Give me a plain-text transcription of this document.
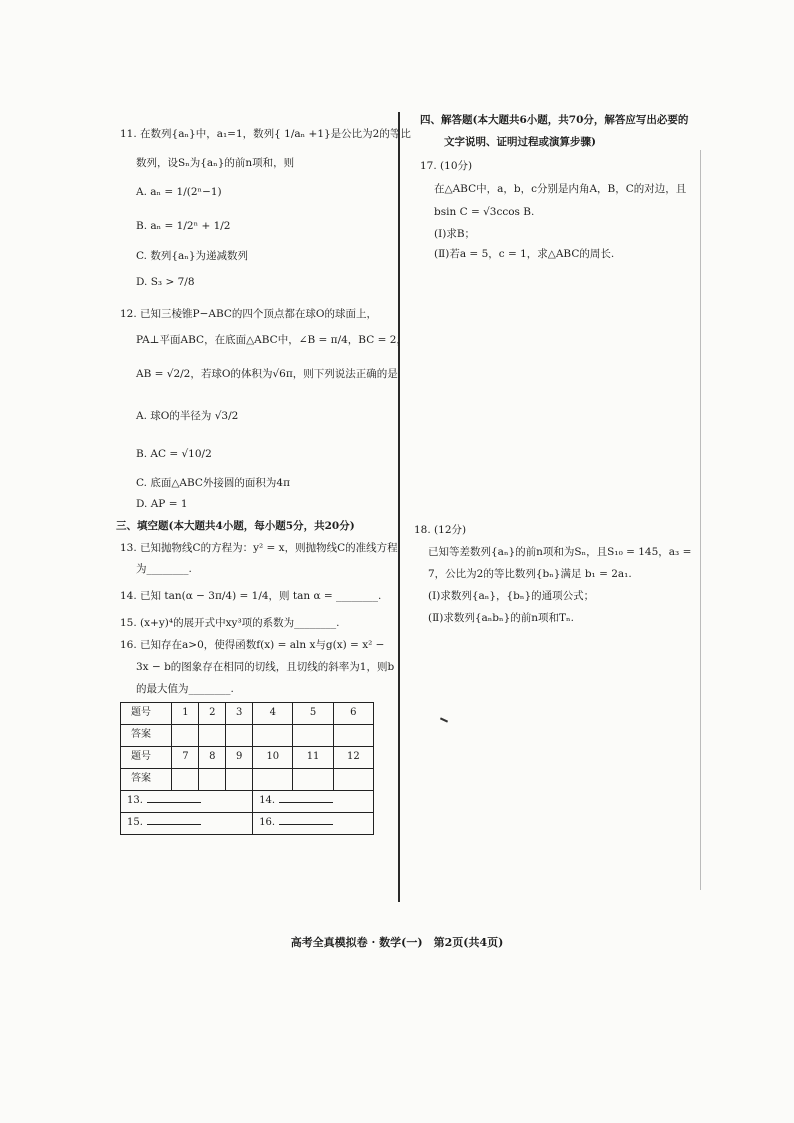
11. 在数列{aₙ}中，a₁=1，数列{ 1/aₙ +1}是公比为2的等比
数列，设Sₙ为{aₙ}的前n项和，则
A. aₙ = 1/(2ⁿ−1)
B. aₙ = 1/2ⁿ + 1/2
C. 数列{aₙ}为递减数列
D. S₃ > 7/8
12. 已知三棱锥P−ABC的四个顶点都在球O的球面上，
PA⊥平面ABC，在底面△ABC中，∠B = π/4，BC = 2，
AB = √2/2，若球O的体积为√6π，则下列说法正确的是
A. 球O的半径为 √3/2
B. AC = √10/2
C. 底面△ABC外接圆的面积为4π
D. AP = 1
三、填空题(本大题共4小题，每小题5分，共20分)
13. 已知抛物线C的方程为：y² = x，则抛物线C的准线方程
为________.
14. 已知 tan(α − 3π/4) = 1/4，则 tan α = ________.
15. (x+y)⁴的展开式中xy³项的系数为________.
16. 已知存在a>0，使得函数f(x) = aln x与g(x) = x² −
3x − b的图象存在相同的切线，且切线的斜率为1，则b
的最大值为________.
题号	1	2	3	4	5	6
答案						
题号	7	8	9	10	11	12
答案						
13.				14.		
15.				16.		
四、解答题(本大题共6小题，共70分，解答应写出必要的
文字说明、证明过程或演算步骤)
17. (10分)
在△ABC中，a，b，c分别是内角A，B，C的对边，且
bsin C = √3ccos B.
(Ⅰ)求B；
(Ⅱ)若a = 5，c = 1，求△ABC的周长.
18. (12分)
已知等差数列{aₙ}的前n项和为Sₙ，且S₁₀ = 145，a₃ =
7，公比为2的等比数列{bₙ}满足 b₁ = 2a₁.
(Ⅰ)求数列{aₙ}，{bₙ}的通项公式；
(Ⅱ)求数列{aₙbₙ}的前n项和Tₙ.
高考全真模拟卷 · 数学(一)　第2页(共4页)
